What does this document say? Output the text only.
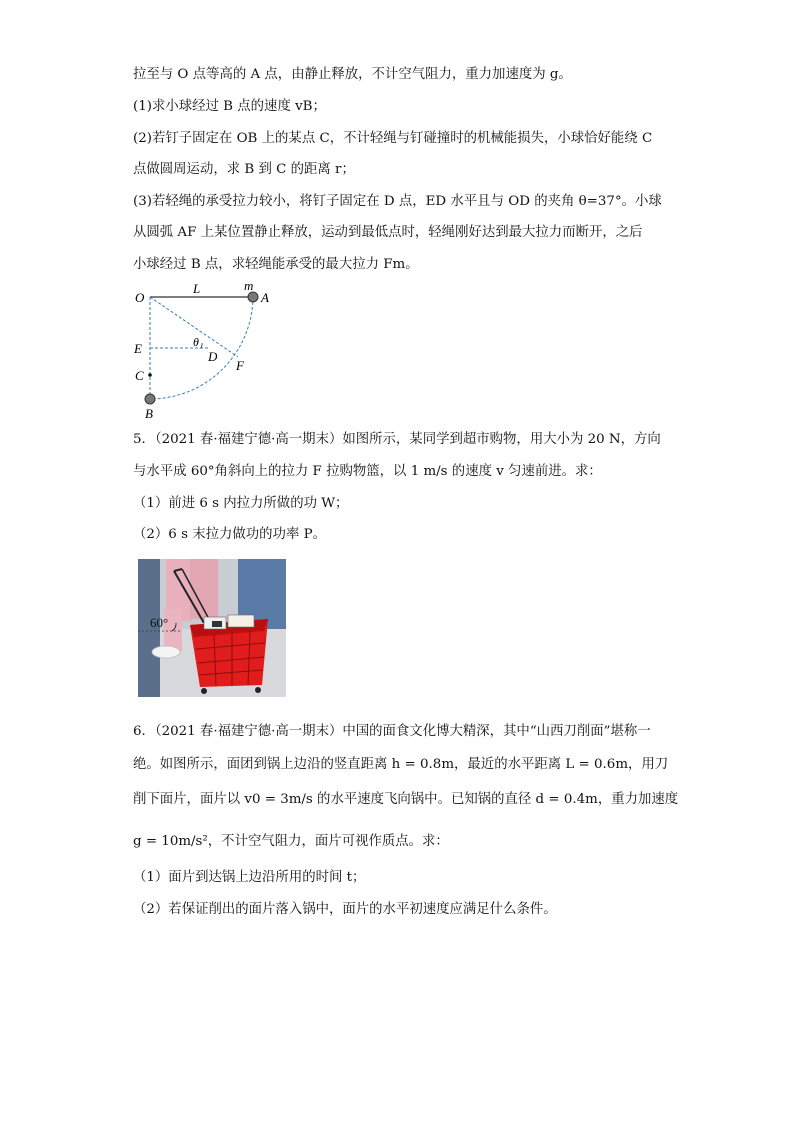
拉至与 O 点等高的 A 点，由静止释放，不计空气阻力，重力加速度为 g。
(1)求小球经过 B 点的速度 vB；
(2)若钉子固定在 OB 上的某点 C，不计轻绳与钉碰撞时的机械能损失，小球恰好能绕 C
点做圆周运动，求 B 到 C 的距离 r；
(3)若轻绳的承受拉力较小，将钉子固定在 D 点，ED 水平且与 OD 的夹角 θ=37°。小球
从圆弧 AF 上某位置静止释放，运动到最低点时，轻绳刚好达到最大拉力而断开，之后
小球经过 B 点，求轻绳能承受的最大拉力 Fm。
O
L	m
A
E	θ
D
F
C
B
5．（2021 春·福建宁德·高一期末）如图所示，某同学到超市购物，用大小为 20 N，方向
与水平成 60°角斜向上的拉力 F 拉购物篮，以 1 m/s 的速度 v 匀速前进。求：
（1）前进 6 s 内拉力所做的功 W；
（2）6 s 末拉力做功的功率 P。
60°
6．（2021 春·福建宁德·高一期末）中国的面食文化博大精深，其中“山西刀削面”堪称一
绝。如图所示，面团到锅上边沿的竖直距离 h = 0.8m，最近的水平距离 L = 0.6m，用刀
削下面片，面片以 v0 = 3m/s 的水平速度飞向锅中。已知锅的直径 d = 0.4m，重力加速度
g = 10m/s²，不计空气阻力，面片可视作质点。求：
（1）面片到达锅上边沿所用的时间 t；
（2）若保证削出的面片落入锅中，面片的水平初速度应满足什么条件。
